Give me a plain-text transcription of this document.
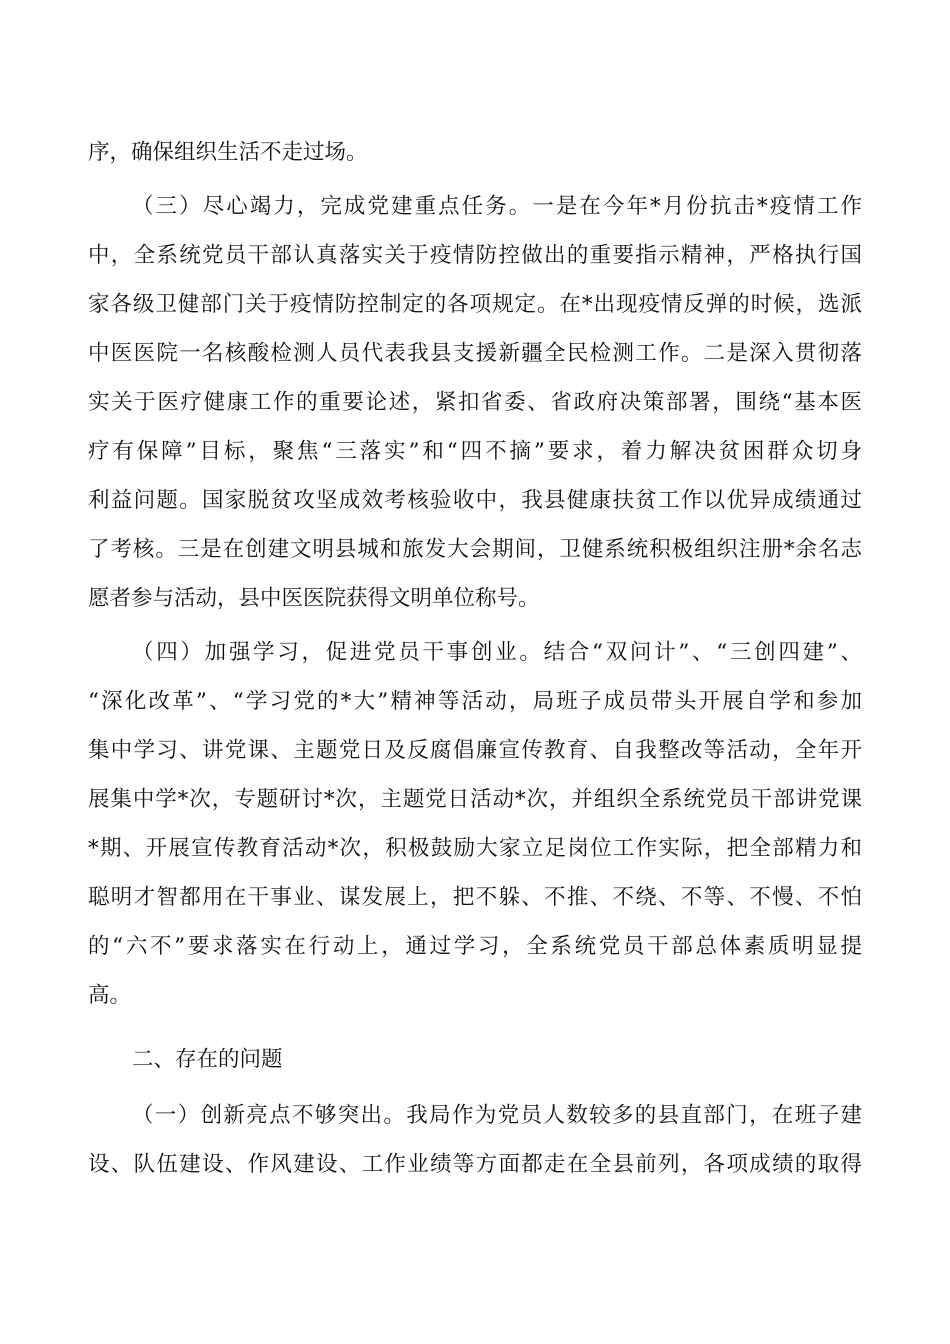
序，确保组织生活不走过场。

（三）尽心竭力，完成党建重点任务。一是在今年*月份抗击*疫情工作

中，全系统党员干部认真落实关于疫情防控做出的重要指示精神，严格执行国

家各级卫健部门关于疫情防控制定的各项规定。在*出现疫情反弹的时候，选派

中医医院一名核酸检测人员代表我县支援新疆全民检测工作。二是深入贯彻落

实关于医疗健康工作的重要论述，紧扣省委、省政府决策部署，围绕“基本医

疗有保障”目标，聚焦“三落实”和“四不摘”要求，着力解决贫困群众切身

利益问题。国家脱贫攻坚成效考核验收中，我县健康扶贫工作以优异成绩通过

了考核。三是在创建文明县城和旅发大会期间，卫健系统积极组织注册*余名志

愿者参与活动，县中医医院获得文明单位称号。

（四）加强学习，促进党员干事创业。结合“双问计”、“三创四建”、

“深化改革”、“学习党的*大”精神等活动，局班子成员带头开展自学和参加

集中学习、讲党课、主题党日及反腐倡廉宣传教育、自我整改等活动，全年开

展集中学*次，专题研讨*次，主题党日活动*次，并组织全系统党员干部讲党课

*期、开展宣传教育活动*次，积极鼓励大家立足岗位工作实际，把全部精力和

聪明才智都用在干事业、谋发展上，把不躲、不推、不绕、不等、不慢、不怕

的“六不”要求落实在行动上，通过学习，全系统党员干部总体素质明显提

高。

二、存在的问题

（一）创新亮点不够突出。我局作为党员人数较多的县直部门，在班子建

设、队伍建设、作风建设、工作业绩等方面都走在全县前列，各项成绩的取得
